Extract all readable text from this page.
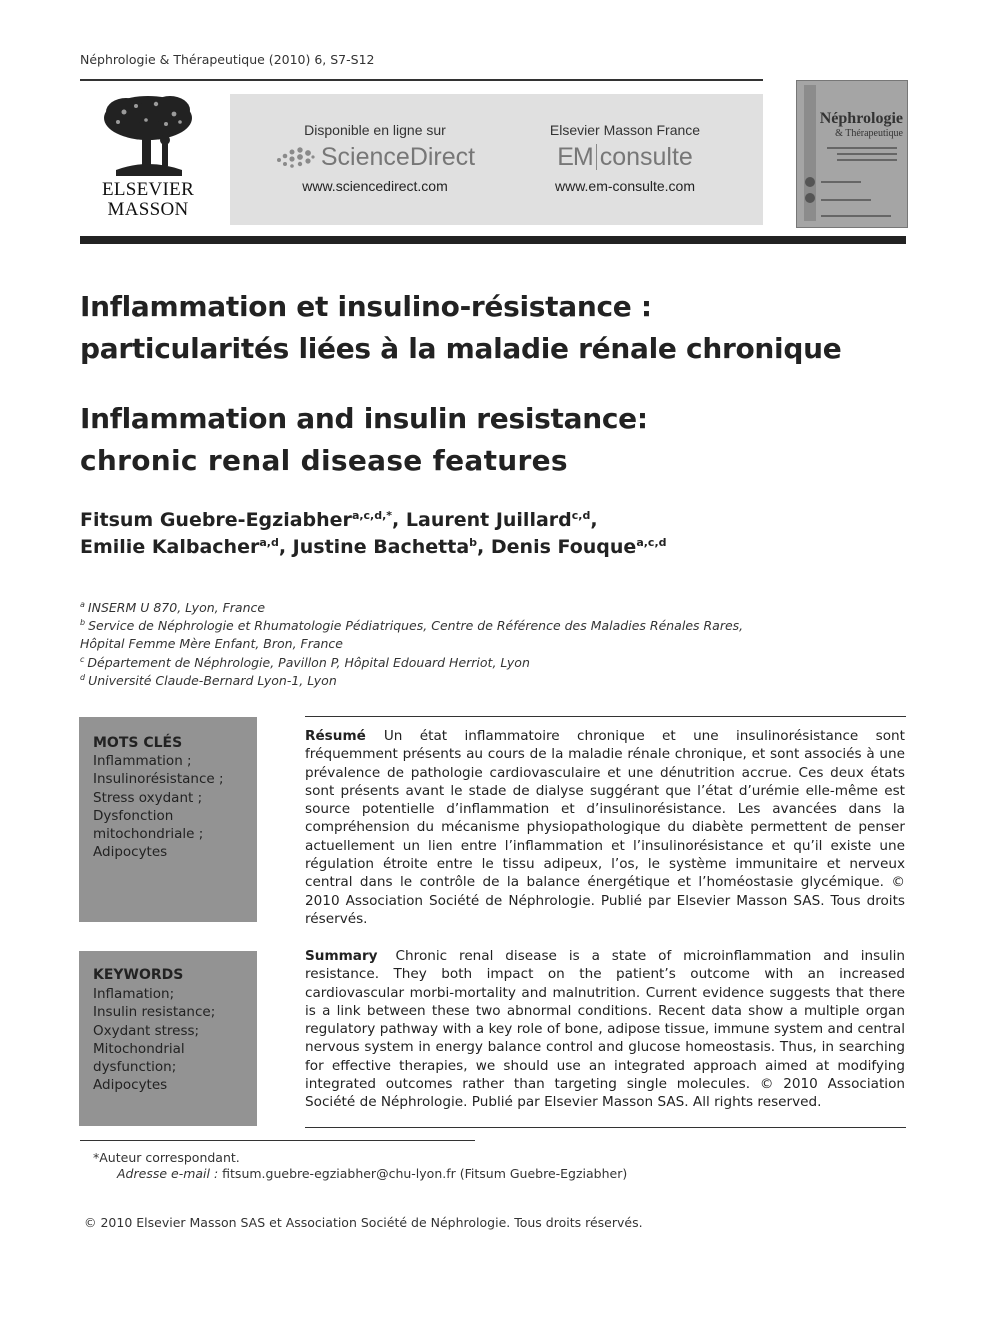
Néphrologie & Thérapeutique (2010) 6, S7-S12
ELSEVIER
MASSON
Disponible en ligne sur
ScienceDirect
www.sciencedirect.com
Elsevier Masson France
EM consulte
www.em-consulte.com
Néphrologie
& Thérapeutique
Inflammation et insulino-résistance :
particularités liées à la maladie rénale chronique
Inflammation and insulin resistance:
chronic renal disease features
Fitsum Guebre-Egziabher$^{a,c,d,*}$, Laurent Juillard$^{c,d}$,
Emilie Kalbacher$^{a,d}$, Justine Bachetta$^b$, Denis Fouque$^{a,c,d}$
$^a$ INSERM U 870, Lyon, France
$^b$ Service de Néphrologie et Rhumatologie Pédiatriques, Centre de Référence des Maladies Rénales Rares,
Hôpital Femme Mère Enfant, Bron, France
$^c$ Département de Néphrologie, Pavillon P, Hôpital Edouard Herriot, Lyon
$^d$ Université Claude-Bernard Lyon-1, Lyon
MOTS CLÉS
Inflammation ;
Insulinorésistance ;
Stress oxydant ;
Dysfonction
mitochondriale ;
Adipocytes
KEYWORDS
Inflamation;
Insulin resistance;
Oxydant stress;
Mitochondrial
dysfunction;
Adipocytes
Résumé Un état inflammatoire chronique et une insulinorésistance sont fréquemment présents au cours de la maladie rénale chronique, et sont associés à une prévalence de pathologie cardiovasculaire et une dénutrition accrue. Ces deux états sont présents avant le stade de dialyse suggérant que l’état d’urémie elle-même est source potentielle d’inflammation et d’insulinorésistance. Les avancées dans la compréhension du mécanisme physiopathologique du diabète permettent de penser actuellement un lien entre l’inflammation et l’insulinorésistance et qu’il existe une régulation étroite entre le tissu adipeux, l’os, le système immunitaire et nerveux central dans le contrôle de la balance énergétique et l’homéostasie glycémique. © 2010 Association Société de Néphrologie. Publié par Elsevier Masson SAS. Tous droits réservés.
Summary Chronic renal disease is a state of microinflammation and insulin resistance. They both impact on the patient’s outcome with an increased cardiovascular morbi-mortality and malnutrition. Current evidence suggests that there is a link between these two abnormal conditions. Recent data show a multiple organ regulatory pathway with a key role of bone, adipose tissue, immune system and central nervous system in energy balance control and glucose homeostasis. Thus, in searching for effective therapies, we should use an integrated approach aimed at modifying integrated outcomes rather than targeting single molecules. © 2010 Association Société de Néphrologie. Publié par Elsevier Masson SAS. All rights reserved.
*Auteur correspondant.
Adresse e-mail : fitsum.guebre-egziabher@chu-lyon.fr (Fitsum Guebre-Egziabher)
© 2010 Elsevier Masson SAS et Association Société de Néphrologie. Tous droits réservés.
